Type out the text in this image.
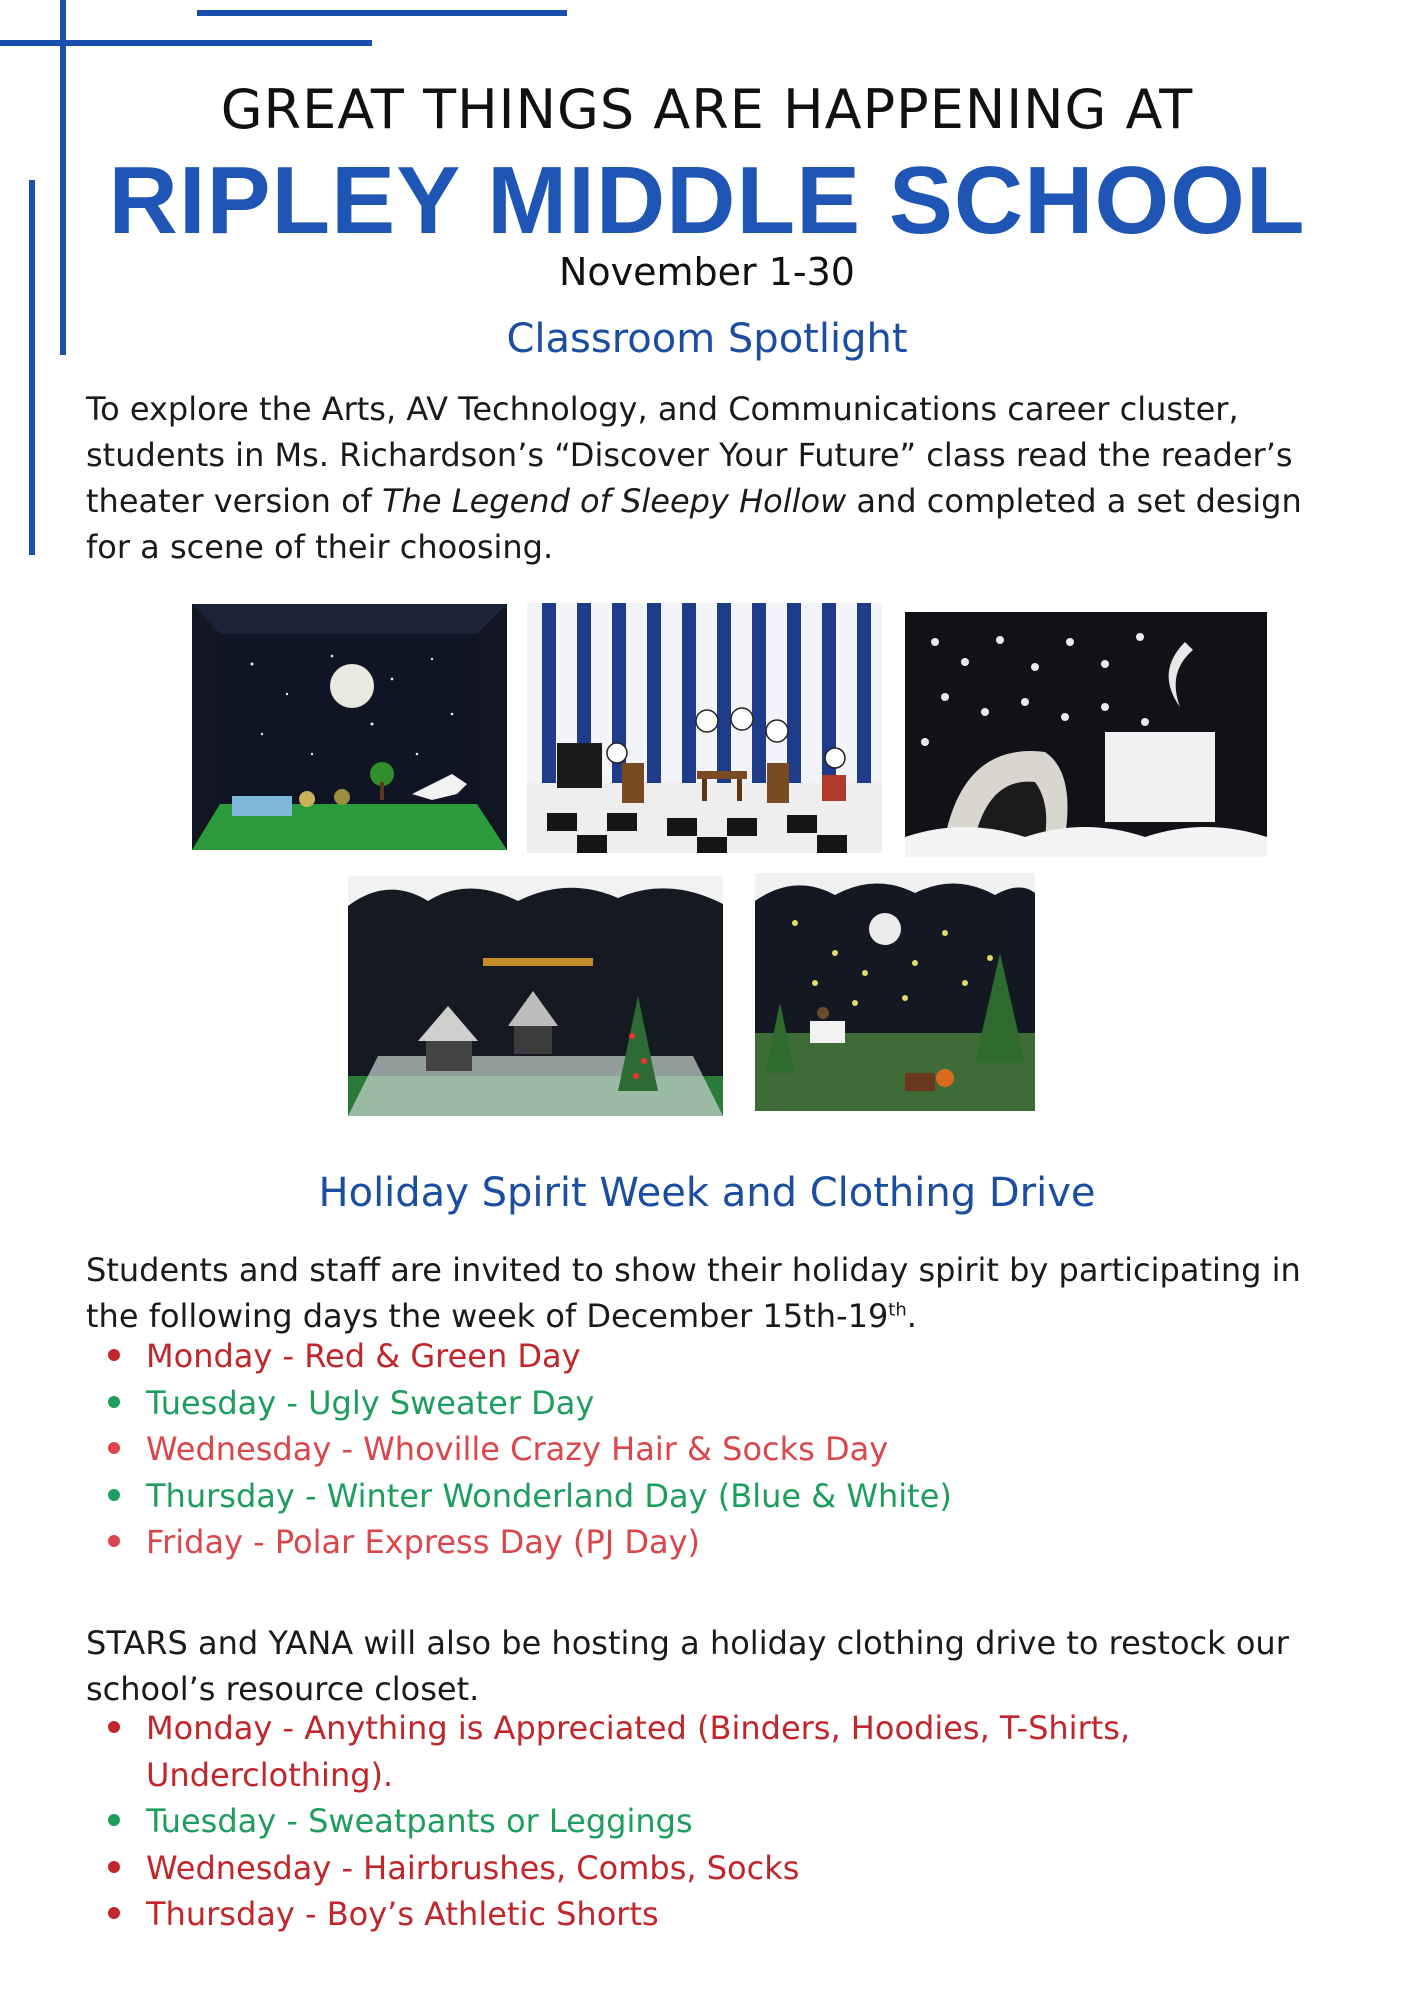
GREAT THINGS ARE HAPPENING AT
RIPLEY MIDDLE SCHOOL
November 1-30
Classroom Spotlight
To explore the Arts, AV Technology, and Communications career cluster, students in Ms. Richardson’s “Discover Your Future” class read the reader’s theater version of The Legend of Sleepy Hollow and completed a set design for a scene of their choosing.
Holiday Spirit Week and Clothing Drive
Students and staff are invited to show their holiday spirit by participating in the following days the week of December 15th-19th.
Monday - Red & Green Day
Tuesday - Ugly Sweater Day
Wednesday - Whoville Crazy Hair & Socks Day
Thursday - Winter Wonderland Day (Blue & White)
Friday - Polar Express Day (PJ Day)
STARS and YANA will also be hosting a holiday clothing drive to restock our school’s resource closet.
Monday - Anything is Appreciated (Binders, Hoodies, T-Shirts, Underclothing).
Tuesday - Sweatpants or Leggings
Wednesday - Hairbrushes, Combs, Socks
Thursday - Boy’s Athletic Shorts
